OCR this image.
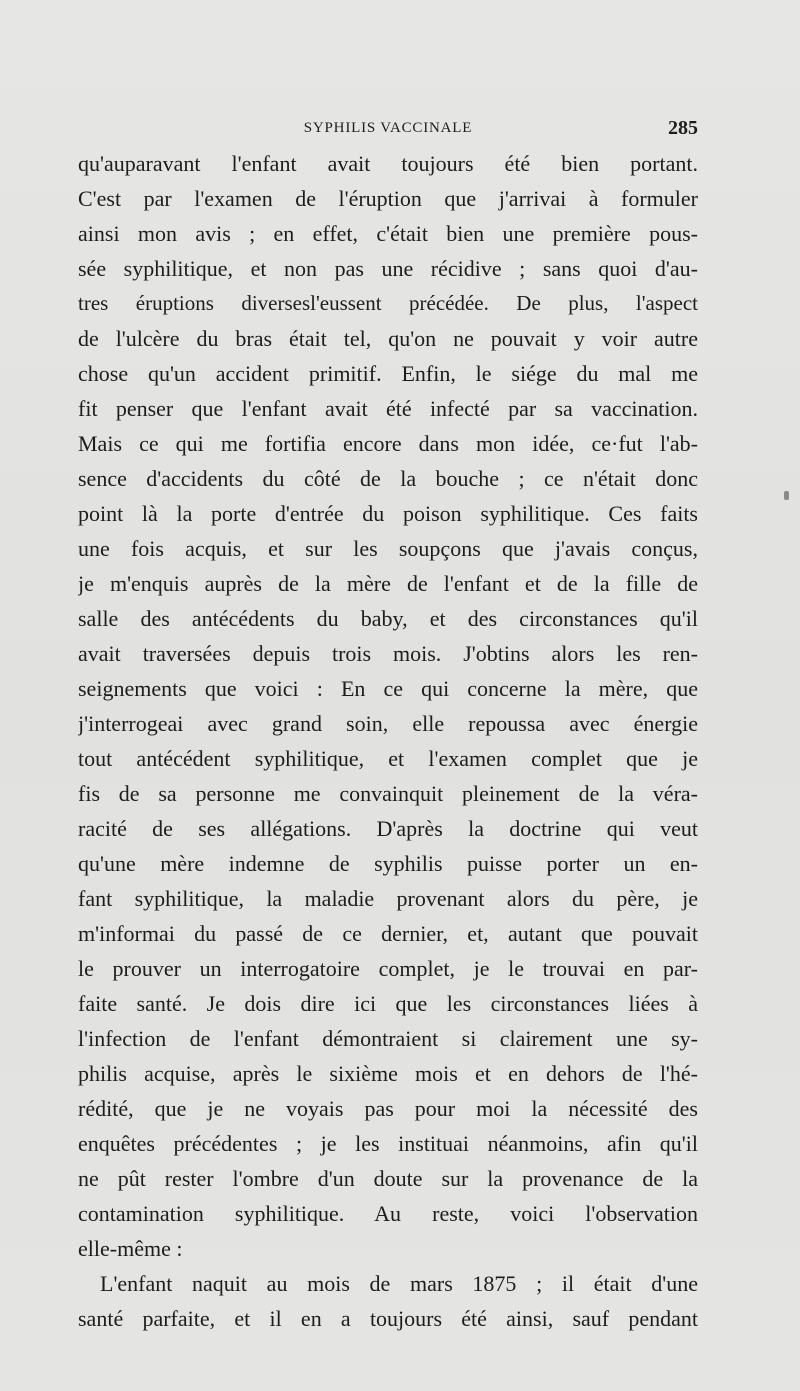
SYPHILIS VACCINALE	285
qu'auparavant l'enfant avait toujours été bien portant.
C'est par l'examen de l'éruption que j'arrivai à formuler
ainsi mon avis ; en effet, c'était bien une première pous-
sée syphilitique, et non pas une récidive ; sans quoi d'au-
tres éruptions diversesl'eussent précédée. De plus, l'aspect
de l'ulcère du bras était tel, qu'on ne pouvait y voir autre
chose qu'un accident primitif. Enfin, le siége du mal me
fit penser que l'enfant avait été infecté par sa vaccination.
Mais ce qui me fortifia encore dans mon idée, ce·fut l'ab-
sence d'accidents du côté de la bouche ; ce n'était donc
point là la porte d'entrée du poison syphilitique. Ces faits
une fois acquis, et sur les soupçons que j'avais conçus,
je m'enquis auprès de la mère de l'enfant et de la fille de
salle des antécédents du baby, et des circonstances qu'il
avait traversées depuis trois mois. J'obtins alors les ren-
seignements que voici : En ce qui concerne la mère, que
j'interrogeai avec grand soin, elle repoussa avec énergie
tout antécédent syphilitique, et l'examen complet que je
fis de sa personne me convainquit pleinement de la véra-
racité de ses allégations. D'après la doctrine qui veut
qu'une mère indemne de syphilis puisse porter un en-
fant syphilitique, la maladie provenant alors du père, je
m'informai du passé de ce dernier, et, autant que pouvait
le prouver un interrogatoire complet, je le trouvai en par-
faite santé. Je dois dire ici que les circonstances liées à
l'infection de l'enfant démontraient si clairement une sy-
philis acquise, après le sixième mois et en dehors de l'hé-
rédité, que je ne voyais pas pour moi la nécessité des
enquêtes précédentes ; je les instituai néanmoins, afin qu'il
ne pût rester l'ombre d'un doute sur la provenance de la
contamination syphilitique. Au reste, voici l'observation
elle-même :
L'enfant naquit au mois de mars 1875 ; il était d'une
santé parfaite, et il en a toujours été ainsi, sauf pendant
